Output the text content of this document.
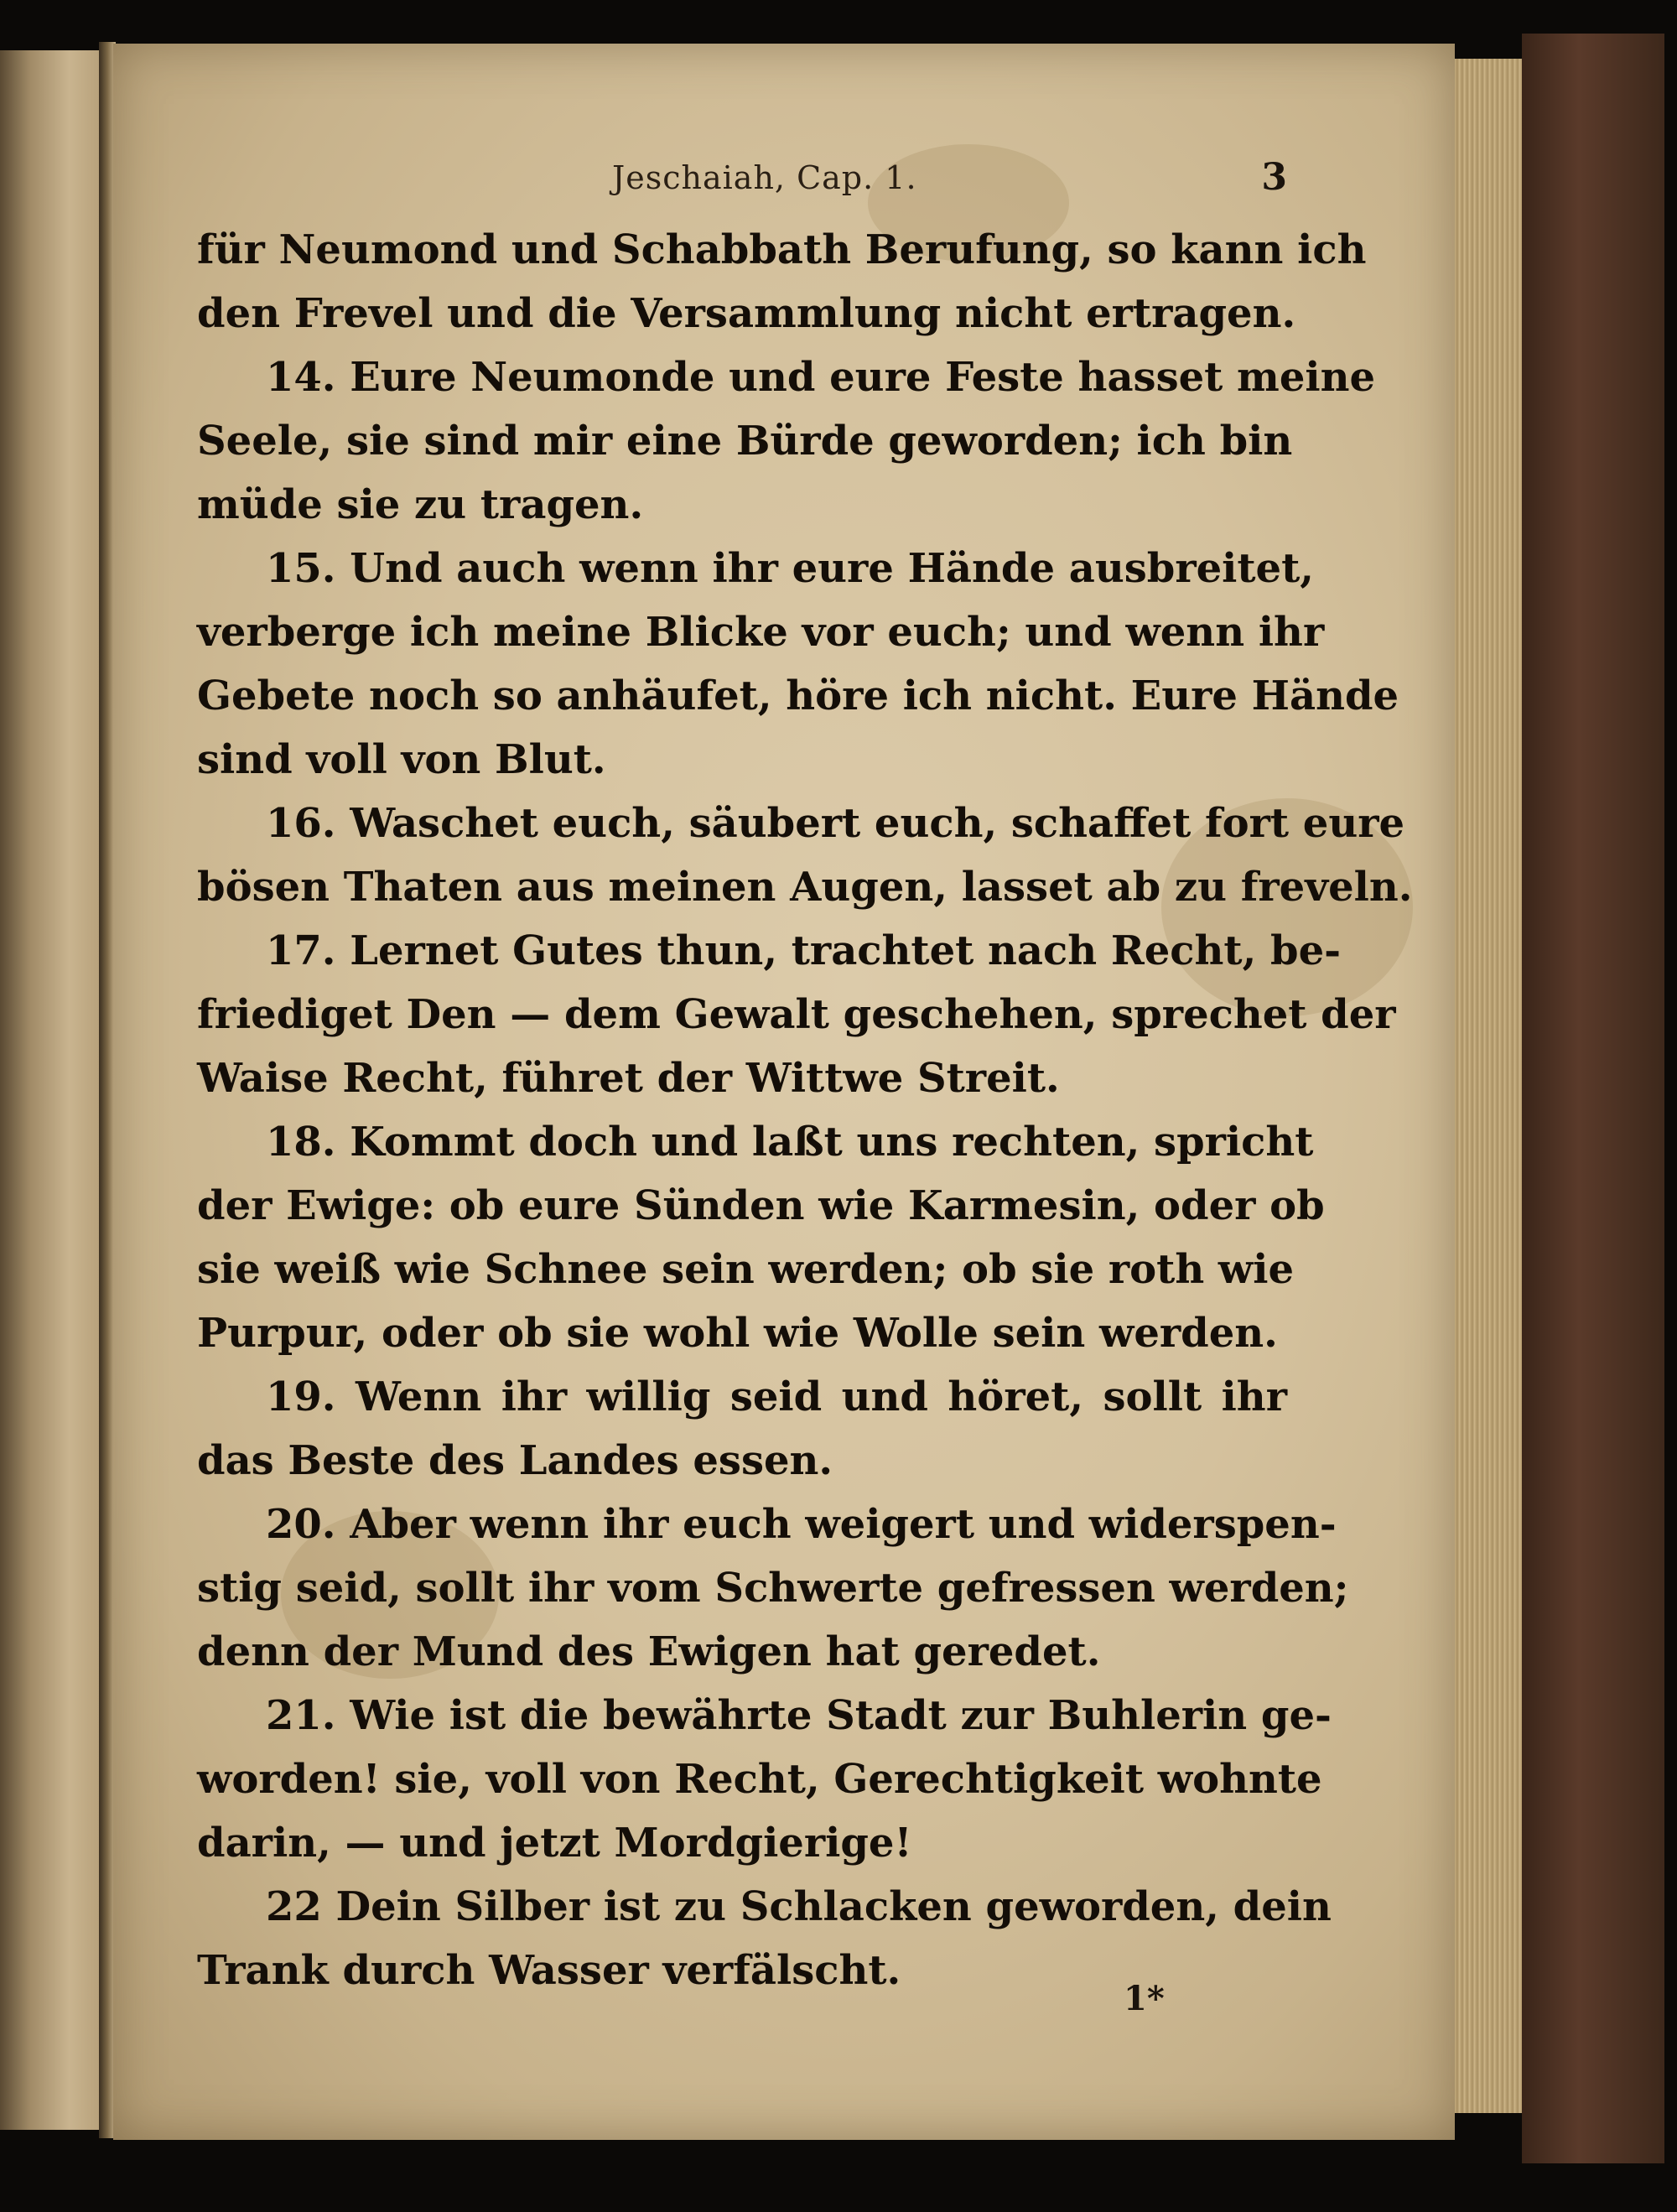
Jeschaiah, Cap. 1.	3
für Neumond und Schabbath Berufung, so kann ich
den Frevel und die Versammlung nicht ertragen.
14. Eure Neumonde und eure Feste hasset meine
Seele, sie sind mir eine Bürde geworden; ich bin
müde sie zu tragen.
15. Und auch wenn ihr eure Hände ausbreitet,
verberge ich meine Blicke vor euch; und wenn ihr
Gebete noch so anhäufet, höre ich nicht. Eure Hände
sind voll von Blut.
16. Waschet euch, säubert euch, schaffet fort eure
bösen Thaten aus meinen Augen, lasset ab zu freveln.
17. Lernet Gutes thun, trachtet nach Recht, be-
friediget Den — dem Gewalt geschehen, sprechet der
Waise Recht, führet der Wittwe Streit.
18. Kommt doch und laßt uns rechten, spricht
der Ewige: ob eure Sünden wie Karmesin, oder ob
sie weiß wie Schnee sein werden; ob sie roth wie
Purpur, oder ob sie wohl wie Wolle sein werden.
19. Wenn ihr willig seid und höret, sollt ihr
das Beste des Landes essen.
20. Aber wenn ihr euch weigert und widerspen-
stig seid, sollt ihr vom Schwerte gefressen werden;
denn der Mund des Ewigen hat geredet.
21. Wie ist die bewährte Stadt zur Buhlerin ge-
worden! sie, voll von Recht, Gerechtigkeit wohnte
darin, — und jetzt Mordgierige!
22 Dein Silber ist zu Schlacken geworden, dein
Trank durch Wasser verfälscht.
1*
